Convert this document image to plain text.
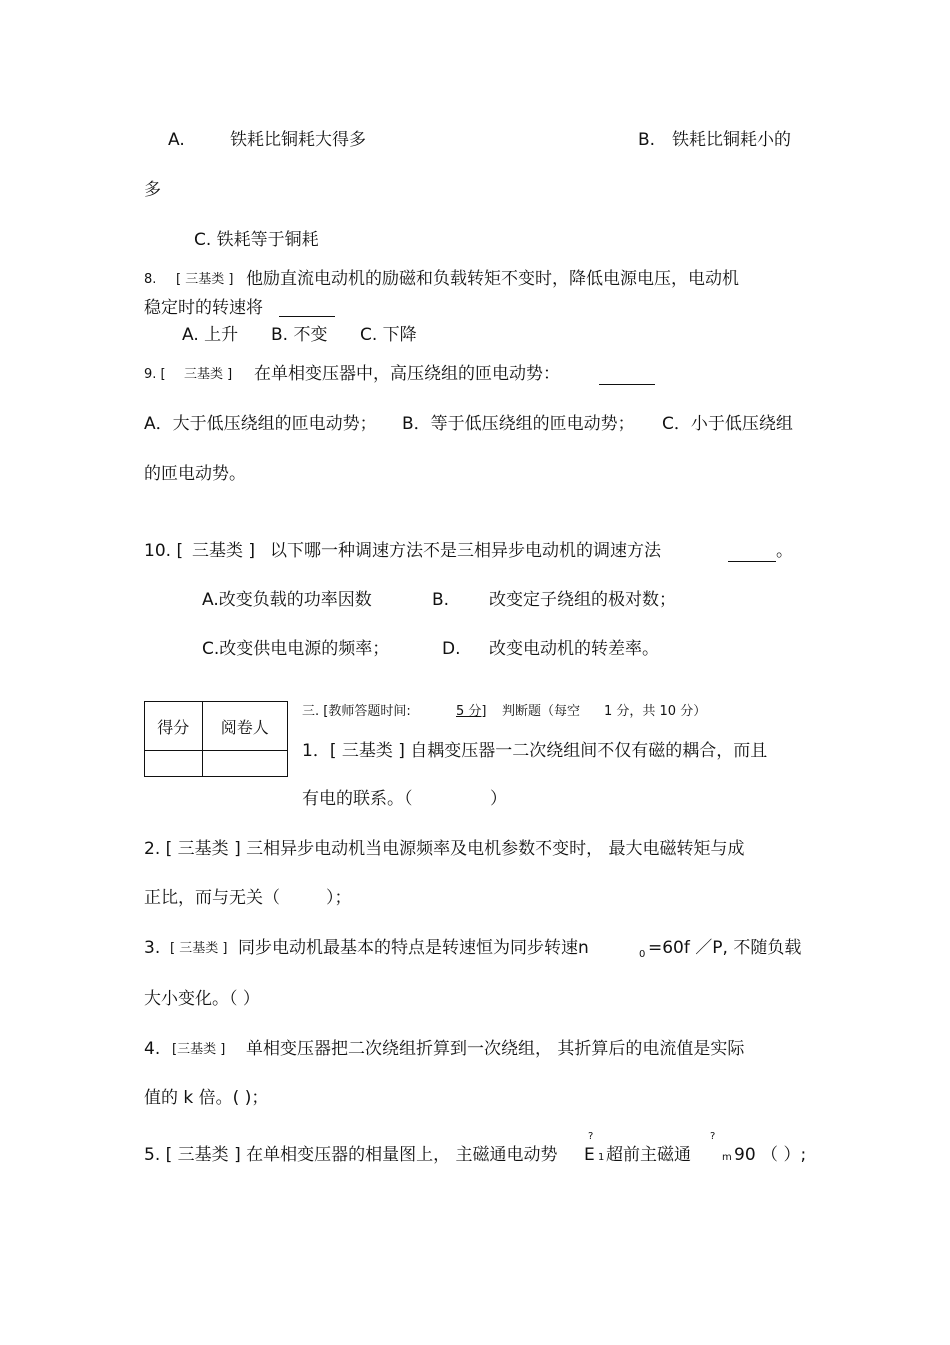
A.	铁耗比铜耗大得多	B. 铁耗比铜耗小的
多
C. 铁耗等于铜耗
8. [ 三基类 ] 他励直流电动机的励磁和负载转矩不变时，降低电源电压，电动机
稳定时的转速将
A. 上升 B. 不变 C. 下降
9. [ 三基类 ] 在单相变压器中，高压绕组的匝电动势：
A．大于低压绕组的匝电动势； B．等于低压绕组的匝电动势； C．小于低压绕组
的匝电动势。
10. [ 三基类 ] 以下哪一种调速方法不是三相异步电动机的调速方法	。
A.改变负载的功率因数	B. 改变定子绕组的极对数；
C.改变供电电源的频率；	D. 改变电动机的转差率。
得分	阅卷人

三. [教师答题时间:	5 分] 判断题（每空 1 分，共 10 分）
1．[ 三基类 ] 自耦变压器一二次绕组间不仅有磁的耦合，而且
有电的联系。（	）
2. [ 三基类 ] 三相异步电动机当电源频率及电机参数不变时， 最大电磁转矩与成
正比，而与无关（	）；
3. [ 三基类 ] 同步电动机最基本的特点是转速恒为同步转速n	0 =60f ／P, 不随负载
大小变化。（ ）
4. [三基类 ] 单相变压器把二次绕组折算到一次绕组， 其折算后的电流值是实际
值的 k 倍。( )；
5. [ 三基类 ] 在单相变压器的相量图上， 主磁通电动势
?
E 1 超前主磁通
?
m 90 （ ）;
